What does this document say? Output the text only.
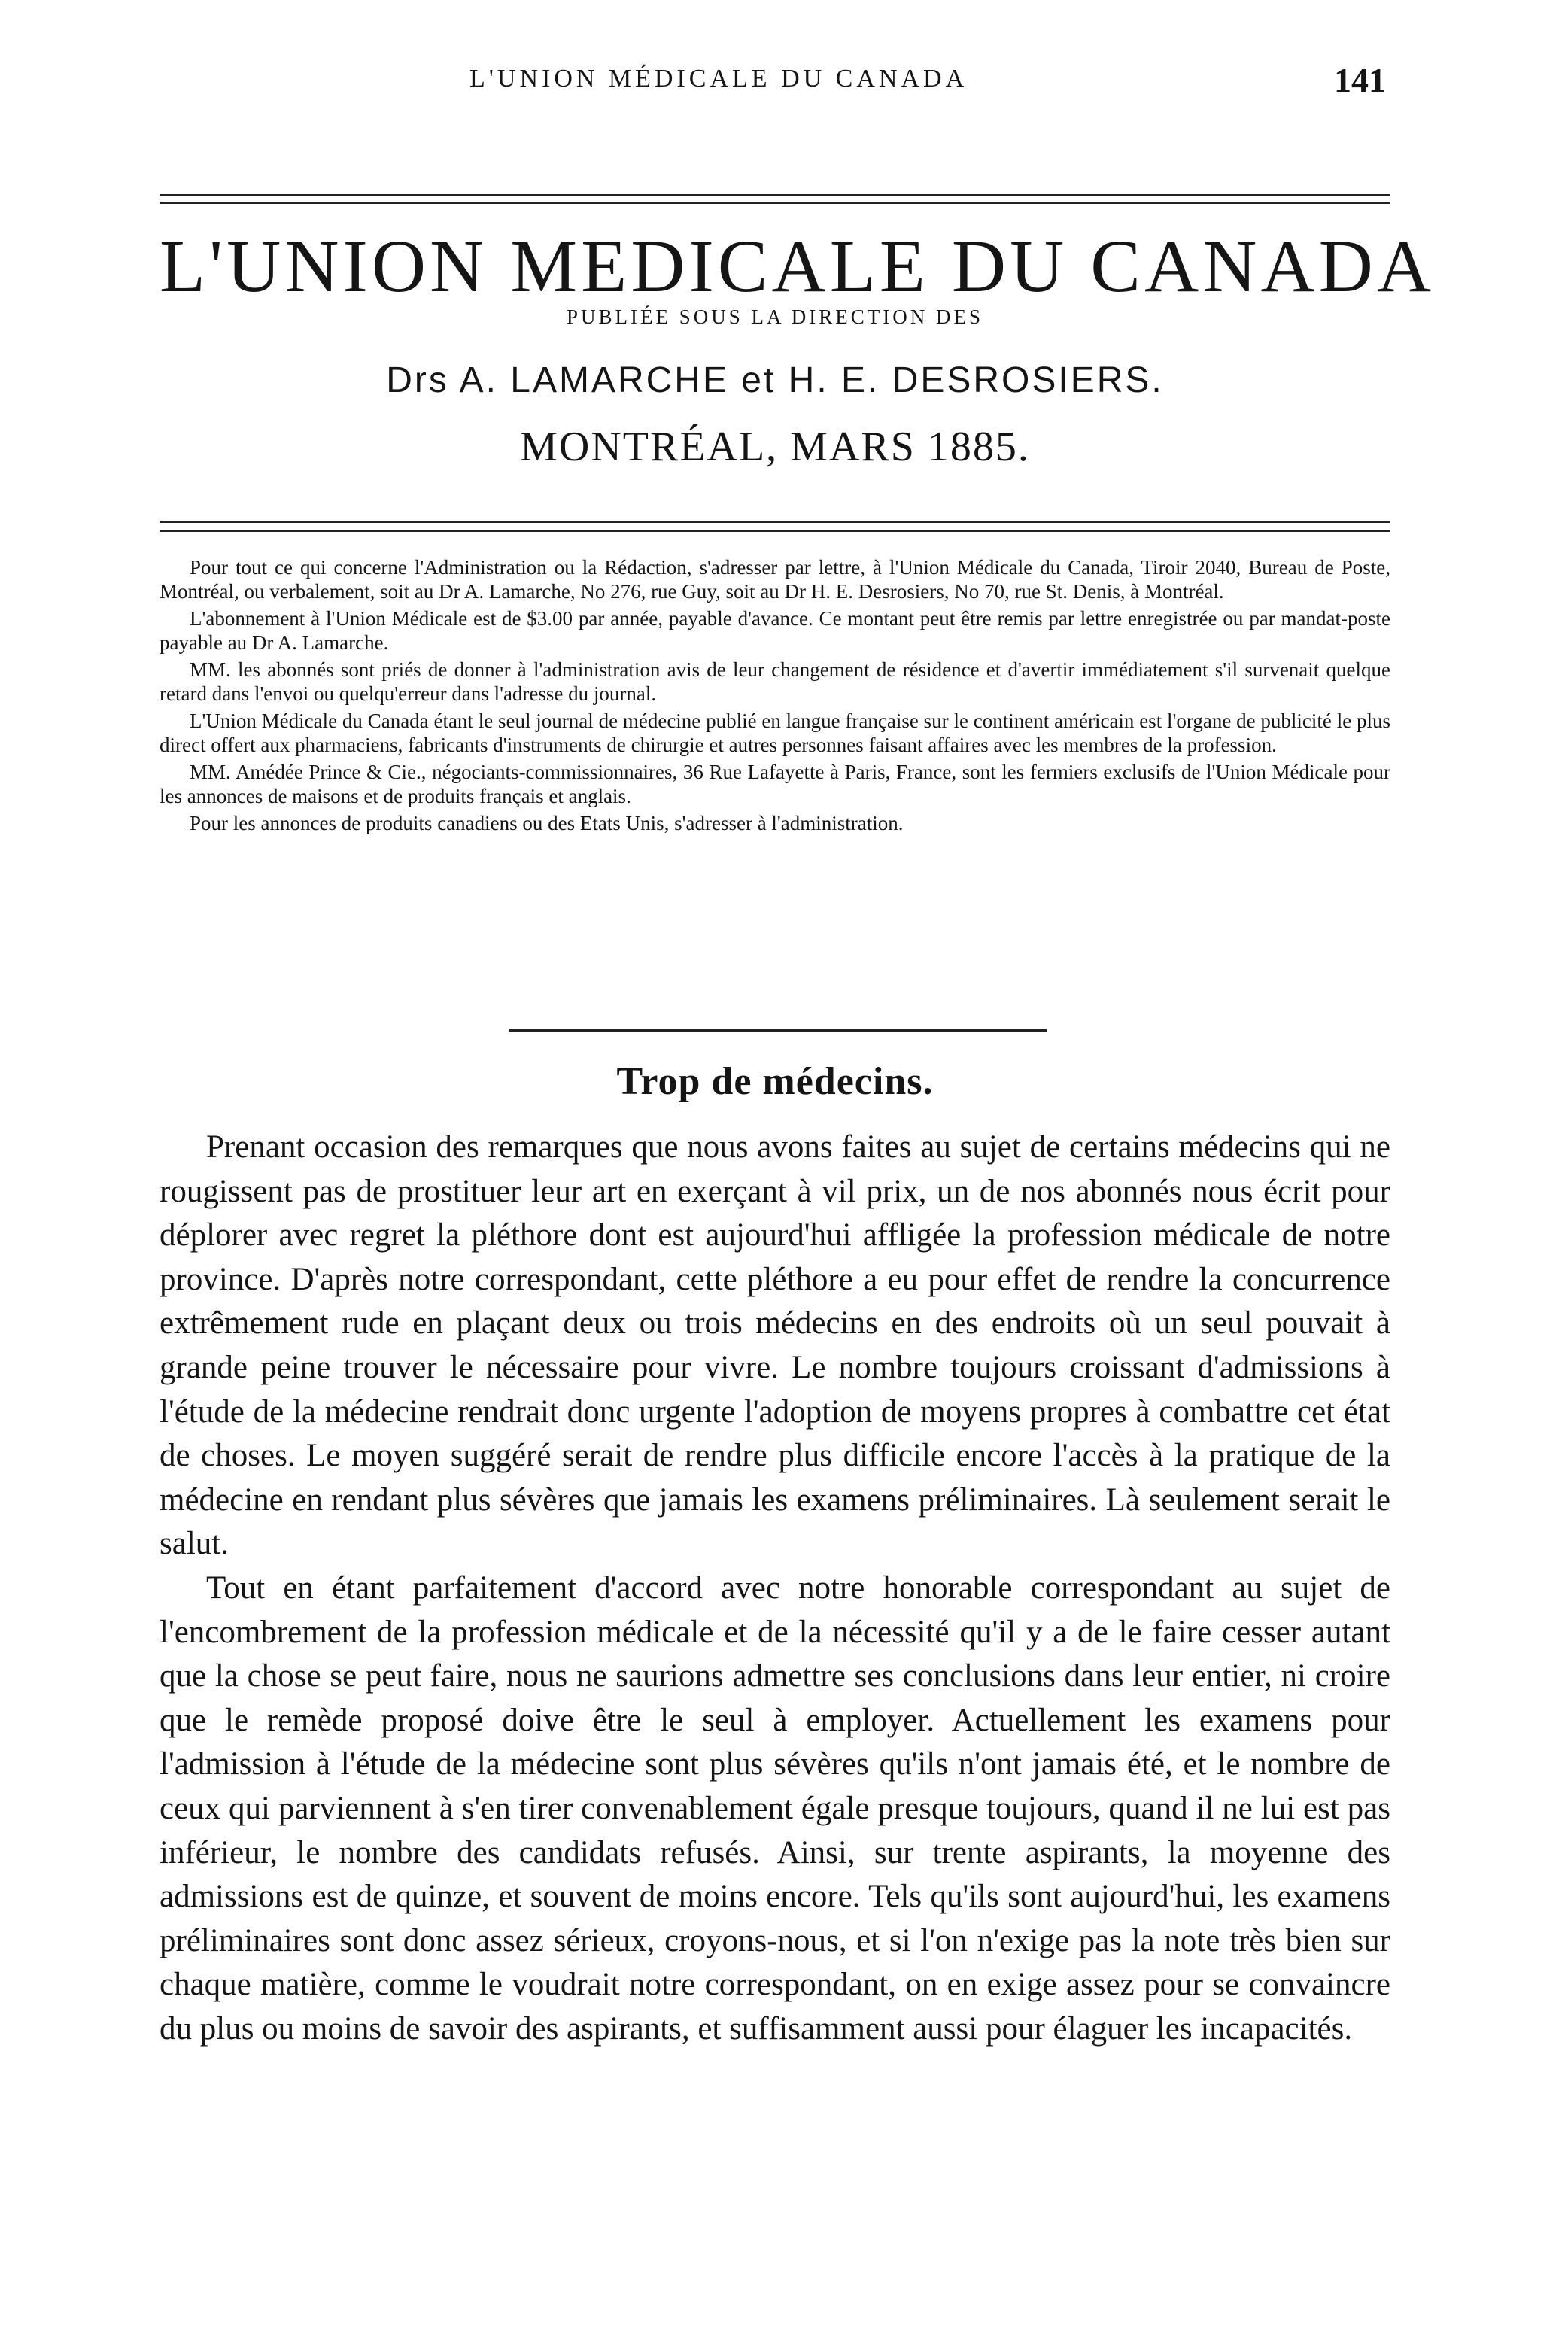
L'UNION MÉDICALE DU CANADA	141
L'UNION MEDICALE DU CANADA
PUBLIÉE SOUS LA DIRECTION DES
Drs A. LAMARCHE et H. E. DESROSIERS.
MONTRÉAL, MARS 1885.

Pour tout ce qui concerne l'Administration ou la Rédaction, s'adresser par lettre, à l'Union Médicale du Canada, Tiroir 2040, Bureau de Poste, Montréal, ou verbalement, soit au Dr A. Lamarche, No 276, rue Guy, soit au Dr H. E. Desrosiers, No 70, rue St. Denis, à Montréal.

L'abonnement à l'Union Médicale est de $3.00 par année, payable d'avance. Ce montant peut être remis par lettre enregistrée ou par mandat-poste payable au Dr A. Lamarche.

MM. les abonnés sont priés de donner à l'administration avis de leur changement de résidence et d'avertir immédiatement s'il survenait quelque retard dans l'envoi ou quelqu'erreur dans l'adresse du journal.

L'Union Médicale du Canada étant le seul journal de médecine publié en langue française sur le continent américain est l'organe de publicité le plus direct offert aux pharmaciens, fabricants d'instruments de chirurgie et autres personnes faisant affaires avec les membres de la profession.

MM. Amédée Prince & Cie., négociants-commissionnaires, 36 Rue Lafayette à Paris, France, sont les fermiers exclusifs de l'Union Médicale pour les annonces de maisons et de produits français et anglais.

Pour les annonces de produits canadiens ou des Etats Unis, s'adresser à l'administration.

Trop de médecins.

Prenant occasion des remarques que nous avons faites au sujet de certains médecins qui ne rougissent pas de prostituer leur art en exerçant à vil prix, un de nos abonnés nous écrit pour déplorer avec regret la pléthore dont est aujourd'hui affligée la profession médicale de notre province. D'après notre correspondant, cette pléthore a eu pour effet de rendre la concurrence extrêmement rude en plaçant deux ou trois médecins en des endroits où un seul pouvait à grande peine trouver le nécessaire pour vivre. Le nombre toujours croissant d'admissions à l'étude de la médecine rendrait donc urgente l'adoption de moyens propres à combattre cet état de choses. Le moyen suggéré serait de rendre plus difficile encore l'accès à la pratique de la médecine en rendant plus sévères que jamais les examens préliminaires. Là seulement serait le salut.

Tout en étant parfaitement d'accord avec notre honorable correspondant au sujet de l'encombrement de la profession médicale et de la nécessité qu'il y a de le faire cesser autant que la chose se peut faire, nous ne saurions admettre ses conclusions dans leur entier, ni croire que le remède proposé doive être le seul à employer. Actuellement les examens pour l'admission à l'étude de la médecine sont plus sévères qu'ils n'ont jamais été, et le nombre de ceux qui parviennent à s'en tirer convenablement égale presque toujours, quand il ne lui est pas inférieur, le nombre des candidats refusés. Ainsi, sur trente aspirants, la moyenne des admissions est de quinze, et souvent de moins encore. Tels qu'ils sont aujourd'hui, les examens préliminaires sont donc assez sérieux, croyons-nous, et si l'on n'exige pas la note très bien sur chaque matière, comme le voudrait notre correspondant, on en exige assez pour se convaincre du plus ou moins de savoir des aspirants, et suffisamment aussi pour élaguer les incapacités.
